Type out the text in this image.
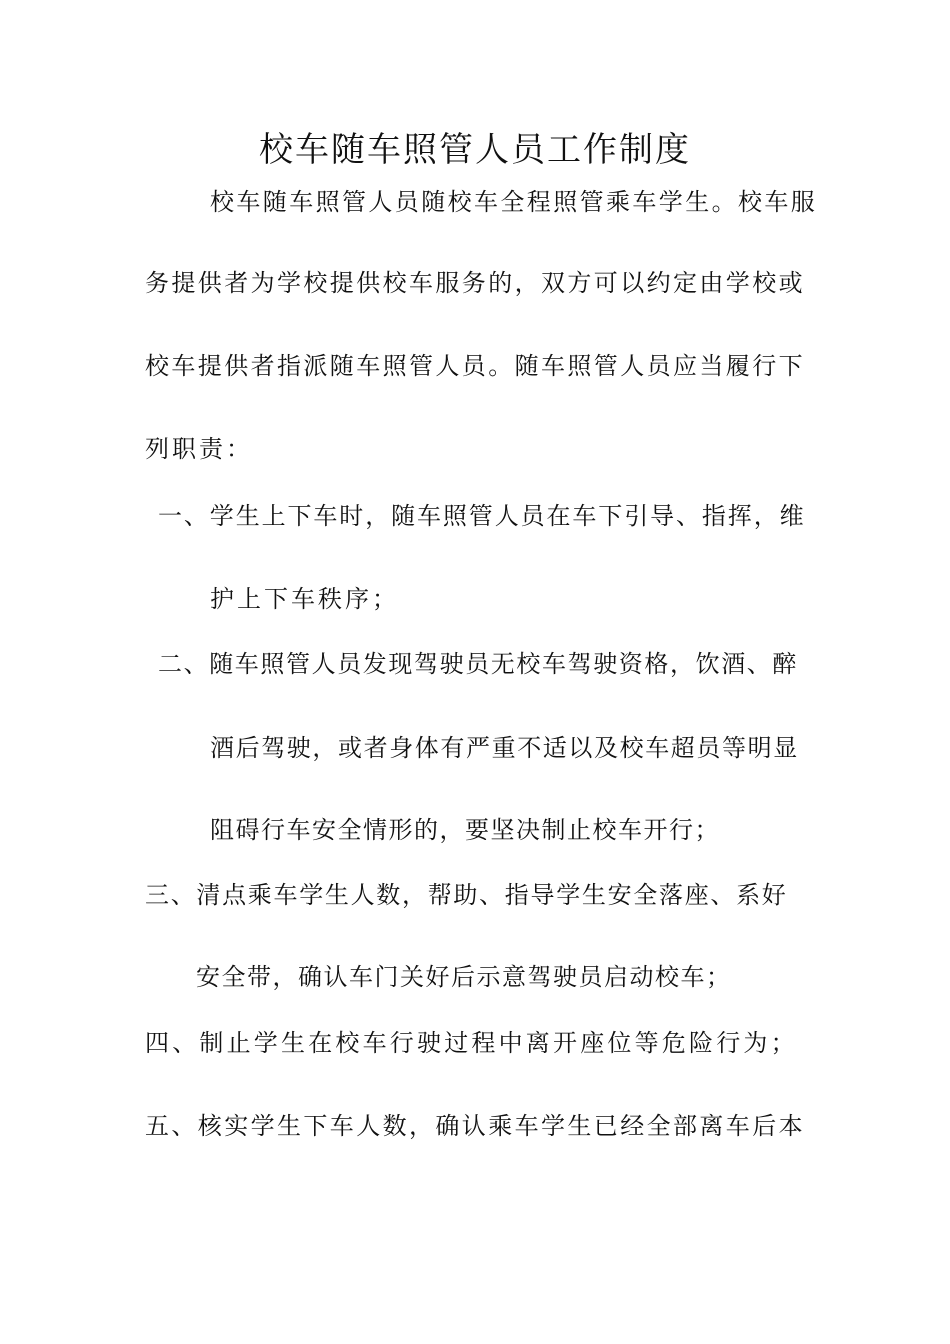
校车随车照管人员工作制度
校车随车照管人员随校车全程照管乘车学生。校车服
务提供者为学校提供校车服务的，双方可以约定由学校或
校车提供者指派随车照管人员。随车照管人员应当履行下
列职责：
一、学生上下车时，随车照管人员在车下引导、指挥，维
护上下车秩序；
二、随车照管人员发现驾驶员无校车驾驶资格，饮酒、醉
酒后驾驶，或者身体有严重不适以及校车超员等明显
阻碍行车安全情形的，要坚决制止校车开行；
三、清点乘车学生人数，帮助、指导学生安全落座、系好
安全带，确认车门关好后示意驾驶员启动校车；
四、制止学生在校车行驶过程中离开座位等危险行为；
五、核实学生下车人数，确认乘车学生已经全部离车后本
